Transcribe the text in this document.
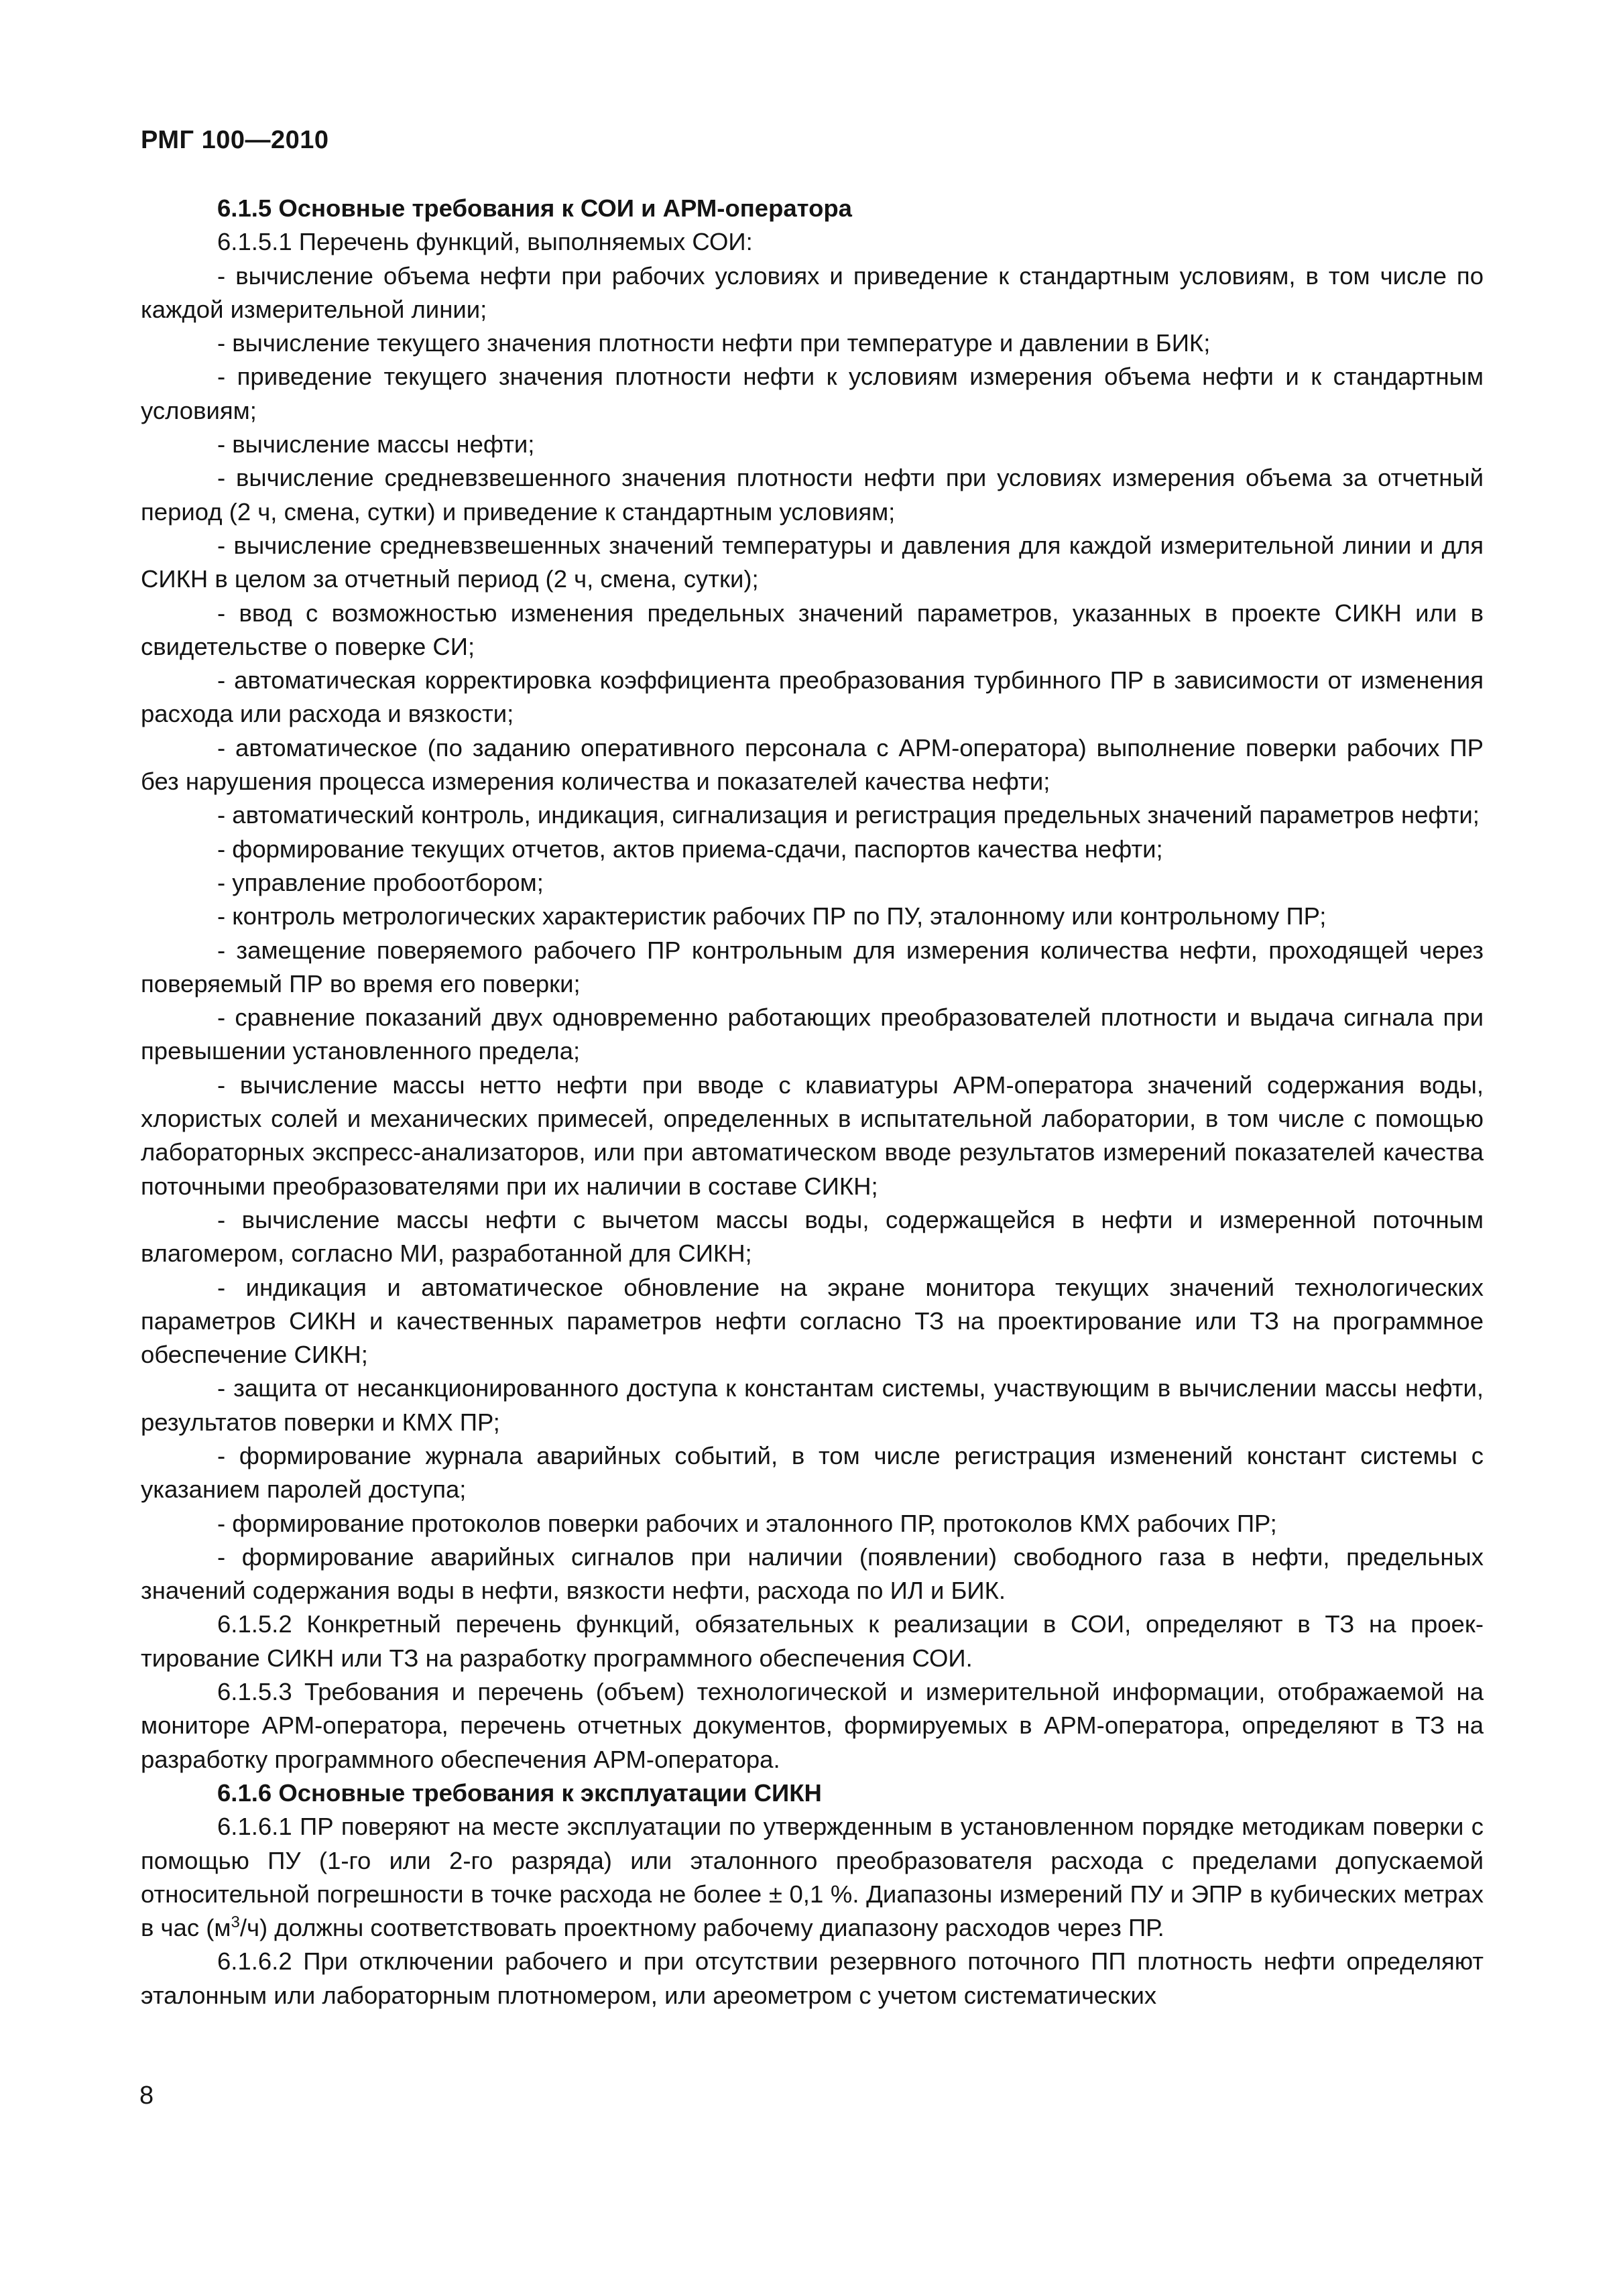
РМГ 100—2010

6.1.5 Основные требования к СОИ и АРМ-оператора

6.1.5.1 Перечень функций, выполняемых СОИ:

- вычисление объема нефти при рабочих условиях и приведение к стандартным условиям, в том числе по каждой измерительной линии;

- вычисление текущего значения плотности нефти при температуре и давлении в БИК;

- приведение текущего значения плотности нефти к условиям измерения объема нефти и к стандартным условиям;

- вычисление массы нефти;

- вычисление средневзвешенного значения плотности нефти при условиях измерения объема за отчетный период (2 ч, смена, сутки) и приведение к стандартным условиям;

- вычисление средневзвешенных значений температуры и давления для каждой измерительной линии и для СИКН в целом за отчетный период (2 ч, смена, сутки);

- ввод с возможностью изменения предельных значений параметров, указанных в проекте СИКН или в свидетельстве о поверке СИ;

- автоматическая корректировка коэффициента преобразования турбинного ПР в зависимости от изменения расхода или расхода и вязкости;

- автоматическое (по заданию оперативного персонала с АРМ-оператора) выполнение поверки рабочих ПР без нарушения процесса измерения количества и показателей качества нефти;

- автоматический контроль, индикация, сигнализация и регистрация предельных значений параметров нефти;

- формирование текущих отчетов, актов приема-сдачи, паспортов качества нефти;

- управление пробоотбором;

- контроль метрологических характеристик рабочих ПР по ПУ, эталонному или контрольному ПР;

- замещение поверяемого рабочего ПР контрольным для измерения количества нефти, проходящей через поверяемый ПР во время его поверки;

- сравнение показаний двух одновременно работающих преобразователей плотности и выдача сигнала при превышении установленного предела;

- вычисление массы нетто нефти при вводе с клавиатуры АРМ-оператора значений содержания воды, хлористых солей и механических примесей, определенных в испытательной лаборатории, в том числе с помощью лабораторных экспресс-анализаторов, или при автоматическом вводе результатов измерений показателей качества поточными преобразователями при их наличии в составе СИКН;

- вычисление массы нефти с вычетом массы воды, содержащейся в нефти и измеренной поточным влагомером, согласно МИ, разработанной для СИКН;

- индикация и автоматическое обновление на экране монитора текущих значений технологических параметров СИКН и качественных параметров нефти согласно ТЗ на проектирование или ТЗ на программное обеспечение СИКН;

- защита от несанкционированного доступа к константам системы, участвующим в вычислении массы нефти, результатов поверки и КМХ ПР;

- формирование журнала аварийных событий, в том числе регистрация изменений констант системы с указанием паролей доступа;

- формирование протоколов поверки рабочих и эталонного ПР, протоколов КМХ рабочих ПР;

- формирование аварийных сигналов при наличии (появлении) свободного газа в нефти, предельных значений содержания воды в нефти, вязкости нефти, расхода по ИЛ и БИК.

6.1.5.2 Конкретный перечень функций, обязательных к реализации в СОИ, определяют в ТЗ на проектирование СИКН или ТЗ на разработку программного обеспечения СОИ.

6.1.5.3 Требования и перечень (объем) технологической и измерительной информации, отображаемой на мониторе АРМ-оператора, перечень отчетных документов, формируемых в АРМ-оператора, определяют в ТЗ на разработку программного обеспечения АРМ-оператора.

6.1.6 Основные требования к эксплуатации СИКН

6.1.6.1 ПР поверяют на месте эксплуатации по утвержденным в установленном порядке методикам поверки с помощью ПУ (1-го или 2-го разряда) или эталонного преобразователя расхода с пределами допускаемой относительной погрешности в точке расхода не более ± 0,1 %. Диапазоны измерений ПУ и ЭПР в кубических метрах в час $(м^3/ч)$ должны соответствовать проектному рабочему диапазону расходов через ПР.

6.1.6.2 При отключении рабочего и при отсутствии резервного поточного ПП плотность нефти определяют эталонным или лабораторным плотномером, или ареометром с учетом систематических

8
